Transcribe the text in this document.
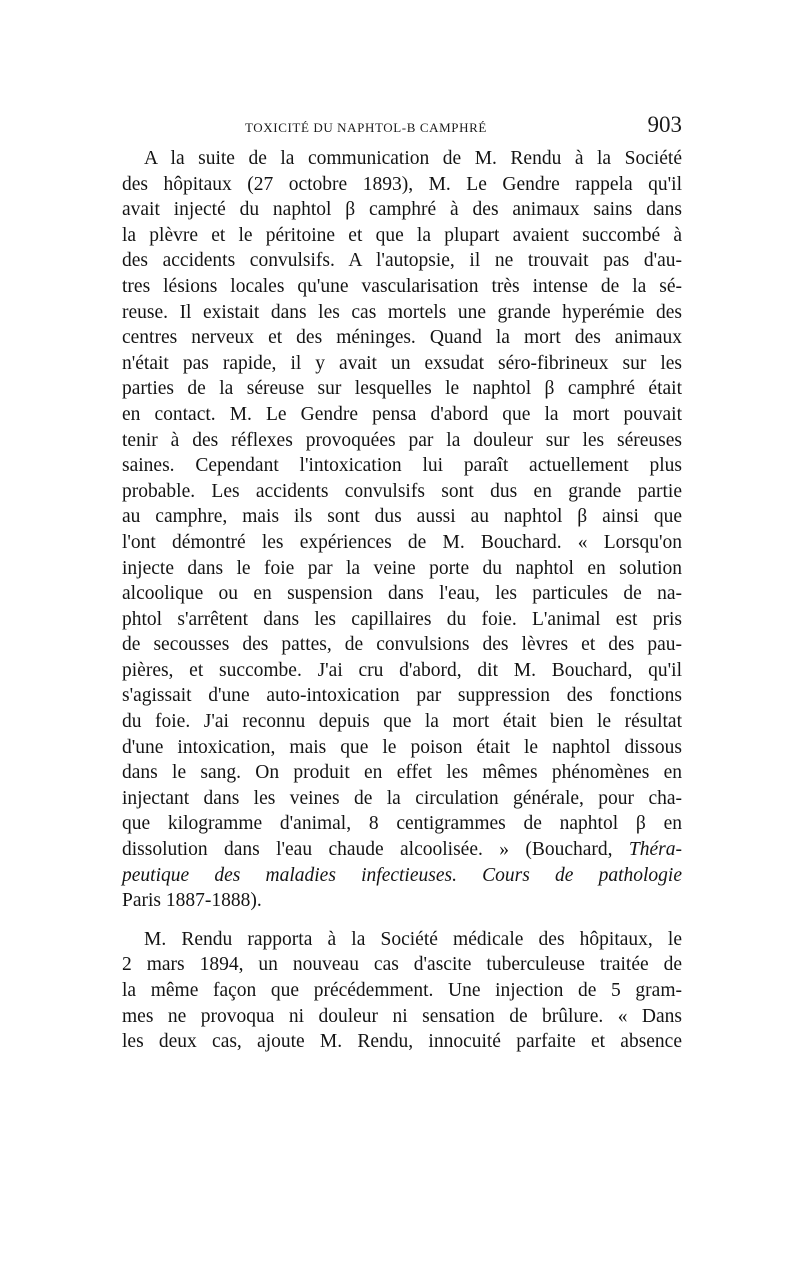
TOXICITÉ DU NAPHTOL-B CAMPHRÉ	903
A la suite de la communication de M. Rendu à la Société
des hôpitaux (27 octobre 1893), M. Le Gendre rappela qu'il
avait injecté du naphtol β camphré à des animaux sains dans
la plèvre et le péritoine et que la plupart avaient succombé à
des accidents convulsifs. A l'autopsie, il ne trouvait pas d'au-
tres lésions locales qu'une vascularisation très intense de la sé-
reuse. Il existait dans les cas mortels une grande hyperémie des
centres nerveux et des méninges. Quand la mort des animaux
n'était pas rapide, il y avait un exsudat séro-fibrineux sur les
parties de la séreuse sur lesquelles le naphtol β camphré était
en contact. M. Le Gendre pensa d'abord que la mort pouvait
tenir à des réflexes provoquées par la douleur sur les séreuses
saines. Cependant l'intoxication lui paraît actuellement plus
probable. Les accidents convulsifs sont dus en grande partie
au camphre, mais ils sont dus aussi au naphtol β ainsi que
l'ont démontré les expériences de M. Bouchard. « Lorsqu'on
injecte dans le foie par la veine porte du naphtol en solution
alcoolique ou en suspension dans l'eau, les particules de na-
phtol s'arrêtent dans les capillaires du foie. L'animal est pris
de secousses des pattes, de convulsions des lèvres et des pau-
pières, et succombe. J'ai cru d'abord, dit M. Bouchard, qu'il
s'agissait d'une auto-intoxication par suppression des fonctions
du foie. J'ai reconnu depuis que la mort était bien le résultat
d'une intoxication, mais que le poison était le naphtol dissous
dans le sang. On produit en effet les mêmes phénomènes en
injectant dans les veines de la circulation générale, pour cha-
que kilogramme d'animal, 8 centigrammes de naphtol β en
dissolution dans l'eau chaude alcoolisée. » (Bouchard, Théra-
peutique des maladies infectieuses. Cours de pathologie
Paris 1887-1888).
M. Rendu rapporta à la Société médicale des hôpitaux, le
2 mars 1894, un nouveau cas d'ascite tuberculeuse traitée de
la même façon que précédemment. Une injection de 5 gram-
mes ne provoqua ni douleur ni sensation de brûlure. « Dans
les deux cas, ajoute M. Rendu, innocuité parfaite et absence
